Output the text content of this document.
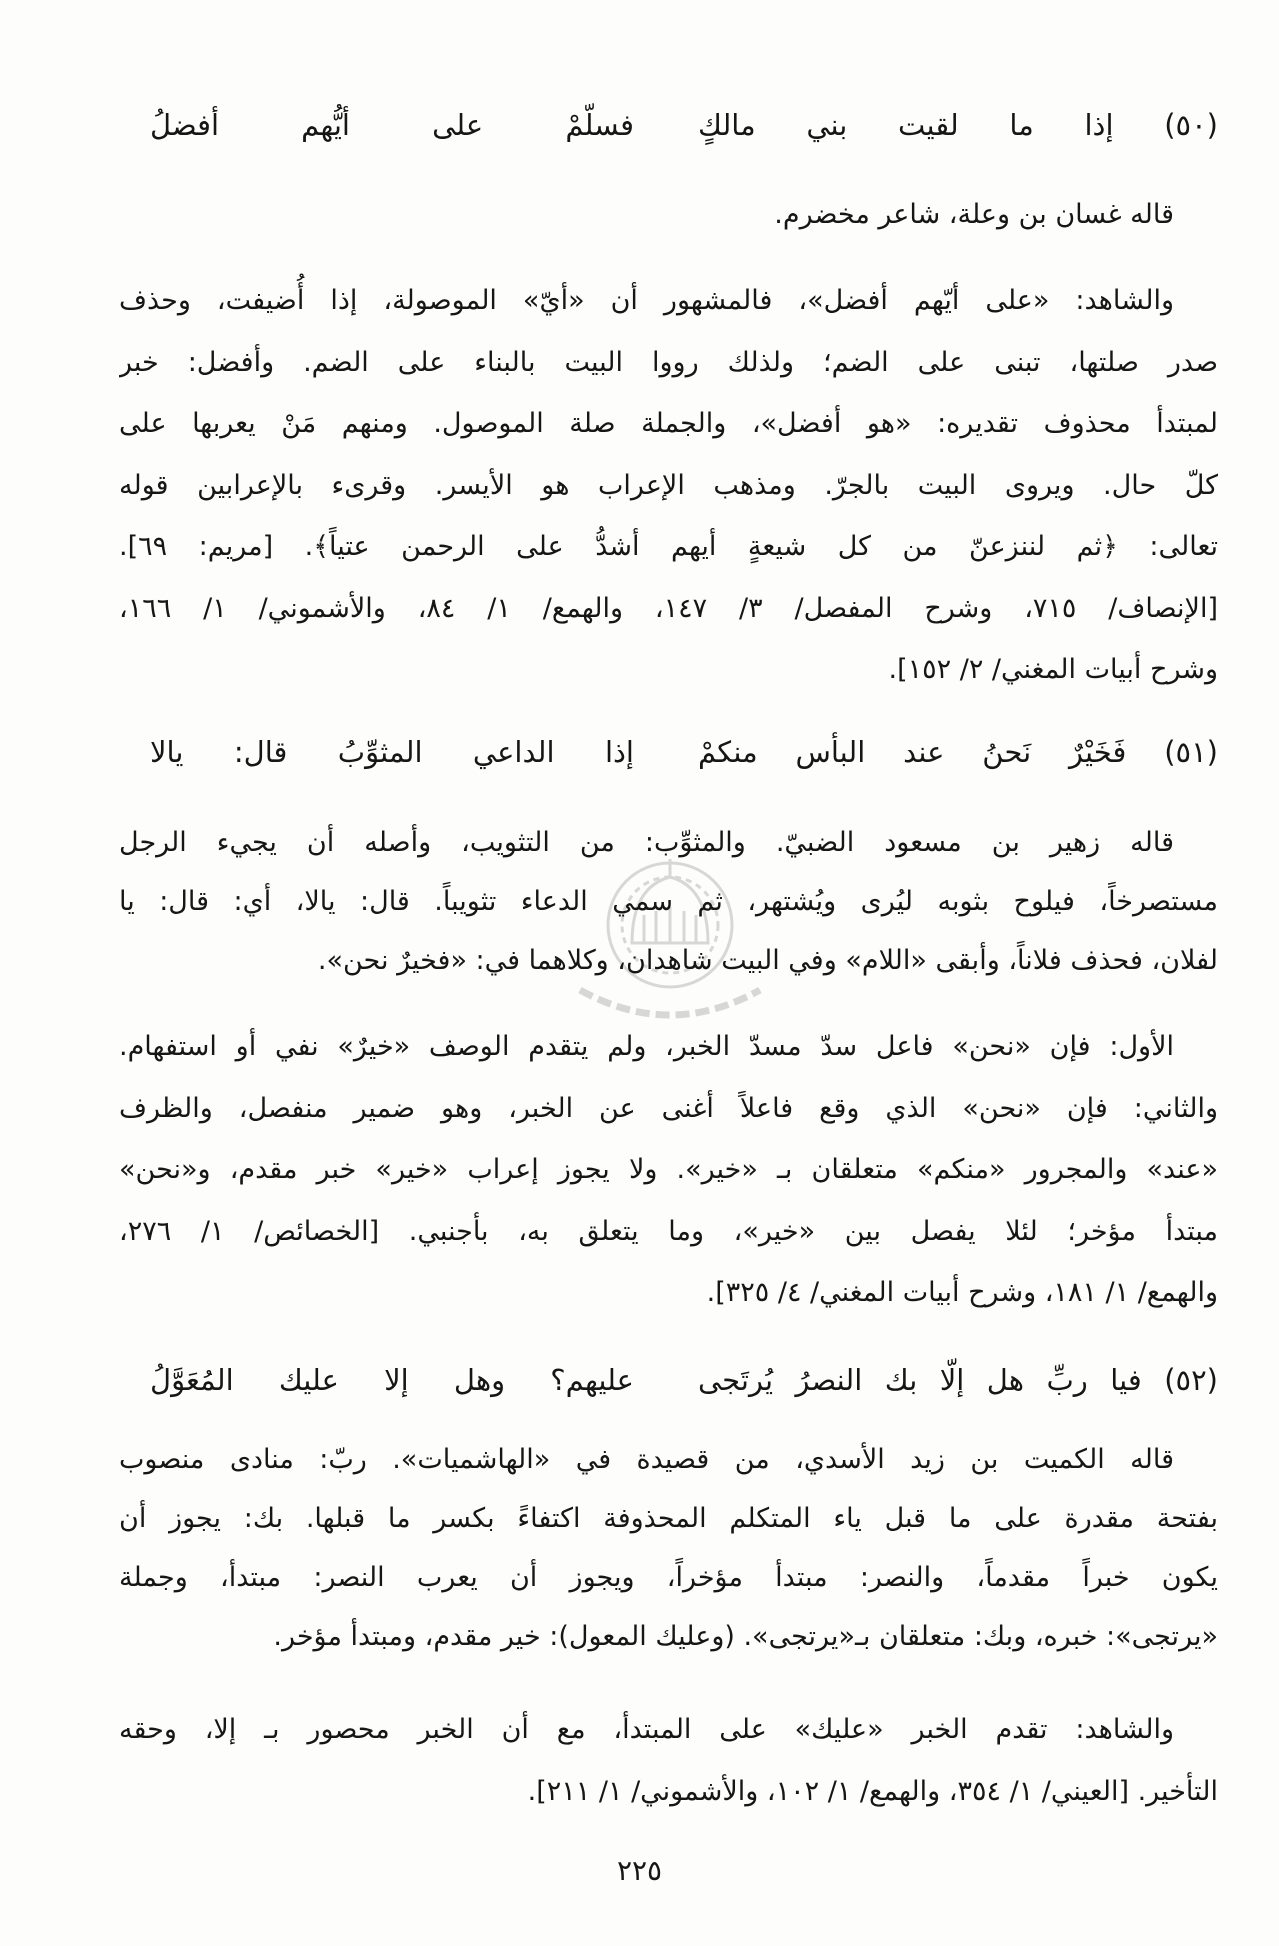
(٥٠) إذا ما لقيت بني مالكٍ
فسلّمْ على أيُّهم أفضلُ
قاله غسان بن وعلة، شاعر مخضرم.
والشاهد: «على أيّهم أفضل»، فالمشهور أن «أيّ» الموصولة، إذا أُضيفت، وحذف
صدر صلتها، تبنى على الضم؛ ولذلك رووا البيت بالبناء على الضم. وأفضل: خبر
لمبتدأ محذوف تقديره: «هو أفضل»، والجملة صلة الموصول. ومنهم مَنْ يعربها على
كلّ حال. ويروى البيت بالجرّ. ومذهب الإعراب هو الأيسر. وقرىء بالإعرابين قوله
تعالى: ﴿ثم لننزعنّ من كل شيعةٍ أيهم أشدُّ على الرحمن عتياً﴾. [مريم: ٦٩].
[الإنصاف/ ٧١٥، وشرح المفصل/ ٣/ ١٤٧، والهمع/ ١/ ٨٤، والأشموني/ ١/ ١٦٦،
وشرح أبيات المغني/ ٢/ ١٥٢].
(٥١) فَخَيْرٌ نَحنُ عند البأس منكمْ
إذا الداعي المثوِّبُ قال: يالا
قاله زهير بن مسعود الضبيّ. والمثوِّب: من التثويب، وأصله أن يجيء الرجل
مستصرخاً، فيلوح بثوبه ليُرى ويُشتهر، ثم سمي الدعاء تثويباً. قال: يالا، أي: قال: يا
لفلان، فحذف فلاناً، وأبقى «اللام» وفي البيت شاهدان، وكلاهما في: «فخيرٌ نحن».
الأول: فإن «نحن» فاعل سدّ مسدّ الخبر، ولم يتقدم الوصف «خيرٌ» نفي أو استفهام.
والثاني: فإن «نحن» الذي وقع فاعلاً أغنى عن الخبر، وهو ضمير منفصل، والظرف
«عند» والمجرور «منكم» متعلقان بـ «خير». ولا يجوز إعراب «خير» خبر مقدم، و«نحن»
مبتدأ مؤخر؛ لئلا يفصل بين «خير»، وما يتعلق به، بأجنبي. [الخصائص/ ١/ ٢٧٦،
والهمع/ ١/ ١٨١، وشرح أبيات المغني/ ٤/ ٣٢٥].
(٥٢) فيا ربِّ هل إلّا بك النصرُ يُرتَجى
عليهم؟ وهل إلا عليك المُعَوَّلُ
قاله الكميت بن زيد الأسدي، من قصيدة في «الهاشميات». ربّ: منادى منصوب
بفتحة مقدرة على ما قبل ياء المتكلم المحذوفة اكتفاءً بكسر ما قبلها. بك: يجوز أن
يكون خبراً مقدماً، والنصر: مبتدأ مؤخراً، ويجوز أن يعرب النصر: مبتدأ، وجملة
«يرتجى»: خبره، وبك: متعلقان بـ«يرتجى». (وعليك المعول): خير مقدم، ومبتدأ مؤخر.
والشاهد: تقدم الخبر «عليك» على المبتدأ، مع أن الخبر محصور بـ إلا، وحقه
التأخير. [العيني/ ١/ ٣٥٤، والهمع/ ١/ ١٠٢، والأشموني/ ١/ ٢١١].
٢٢٥
